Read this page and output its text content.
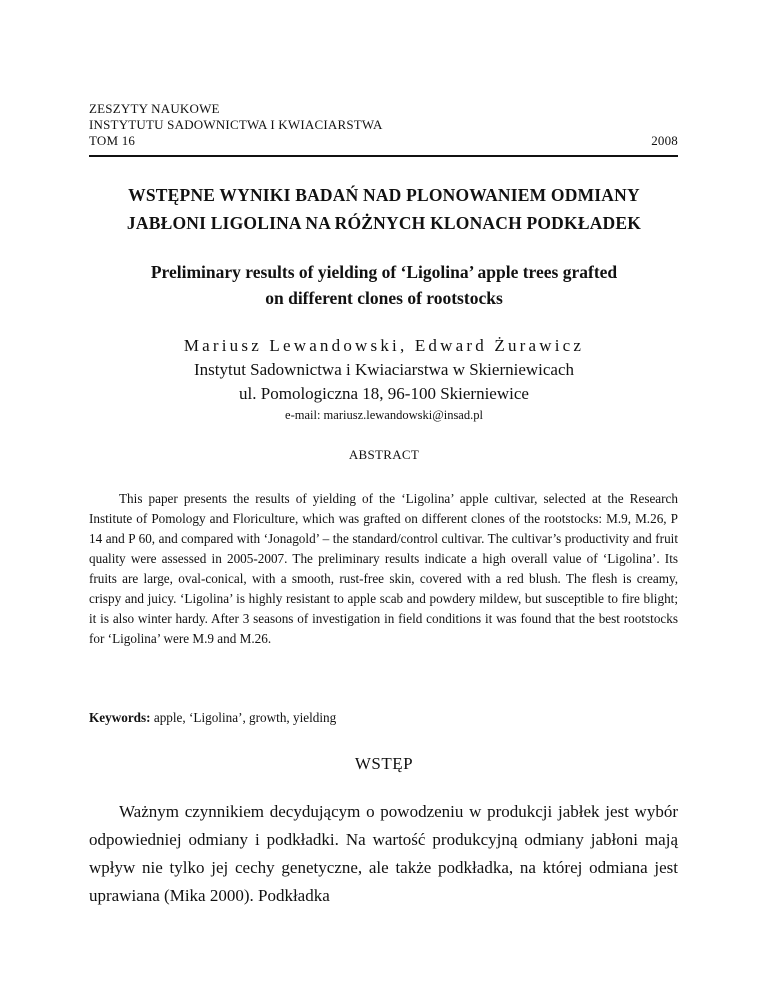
ZESZYTY NAUKOWE
INSTYTUTU SADOWNICTWA I KWIACIARSTWA
TOM 16	2008
WSTĘPNE WYNIKI BADAŃ NAD PLONOWANIEM ODMIANY
JABŁONI LIGOLINA NA RÓŻNYCH KLONACH PODKŁADEK
Preliminary results of yielding of ‘Ligolina’ apple trees grafted
on different clones of rootstocks
Mariusz Lewandowski, Edward Żurawicz
Instytut Sadownictwa i Kwiaciarstwa w Skierniewicach
ul. Pomologiczna 18, 96-100 Skierniewice
e-mail: mariusz.lewandowski@insad.pl
ABSTRACT

This paper presents the results of yielding of the ‘Ligolina’ apple cultivar, selected at the Research Institute of Pomology and Floriculture, which was grafted on different clones of the rootstocks: M.9, M.26, P 14 and P 60, and compared with ‘Jonagold’ – the standard/control cultivar. The cultivar’s productivity and fruit quality were assessed in 2005-2007. The preliminary results indicate a high overall value of ‘Ligolina’. Its fruits are large, oval-conical, with a smooth, rust-free skin, covered with a red blush. The flesh is creamy, crispy and juicy. ‘Ligolina’ is highly resistant to apple scab and powdery mildew, but susceptible to fire blight; it is also winter hardy. After 3 seasons of investigation in field conditions it was found that the best rootstocks for ‘Ligolina’ were M.9 and M.26.

Keywords: apple, ‘Ligolina’, growth, yielding
WSTĘP

Ważnym czynnikiem decydującym o powodzeniu w produkcji jabłek jest wybór odpowiedniej odmiany i podkładki. Na wartość produkcyjną odmiany jabłoni mają wpływ nie tylko jej cechy genetyczne, ale także podkładka, na której odmiana jest uprawiana (Mika 2000). Podkładka
